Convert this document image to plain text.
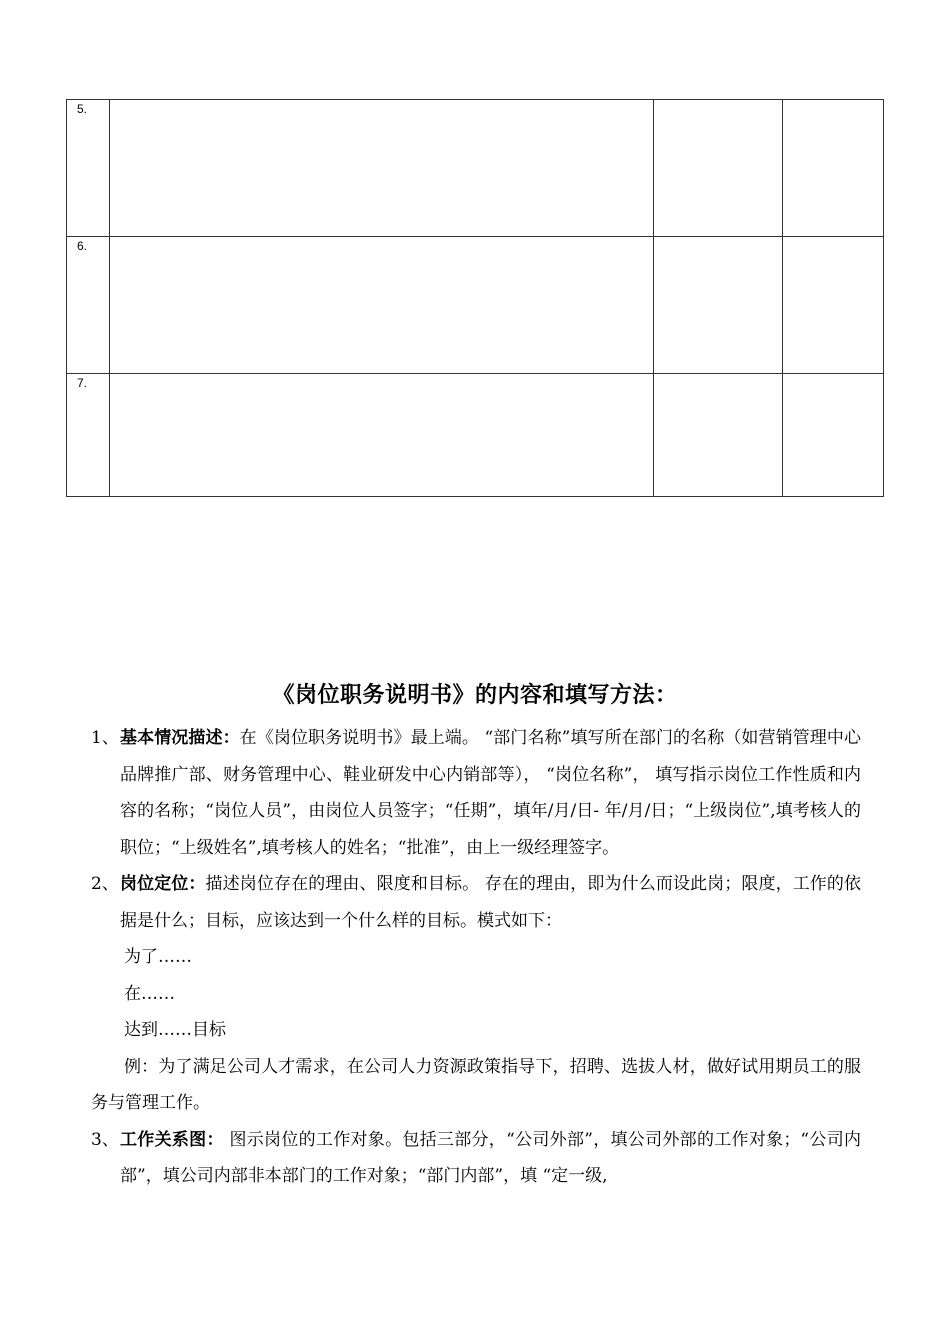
5.			
6.			
7.			
《岗位职务说明书》的内容和填写方法：
1、 基本情况描述：在《岗位职务说明书》最上端。 “部门名称”填写所在部门的名称（如营销管理中心品牌推广部、财务管理中心、鞋业研发中心内销部等）， “岗位名称”， 填写指示岗位工作性质和内容的名称；“岗位人员”，由岗位人员签字；“任期”，填年/月/日- 年/月/日；“上级岗位”,填考核人的职位；“上级姓名”,填考核人的姓名；“批准”，由上一级经理签字。
2、 岗位定位：描述岗位存在的理由、限度和目标。 存在的理由，即为什么而设此岗；限度，工作的依据是什么；目标，应该达到一个什么样的目标。模式如下：
为了……
在……
达到……目标
例：为了满足公司人才需求，在公司人力资源政策指导下，招聘、选拔人材，做好试用期员工的服务与管理工作。
3、 工作关系图： 图示岗位的工作对象。包括三部分，“公司外部”，填公司外部的工作对象；“公司内部”，填公司内部非本部门的工作对象；“部门内部”，填 “定一级,
